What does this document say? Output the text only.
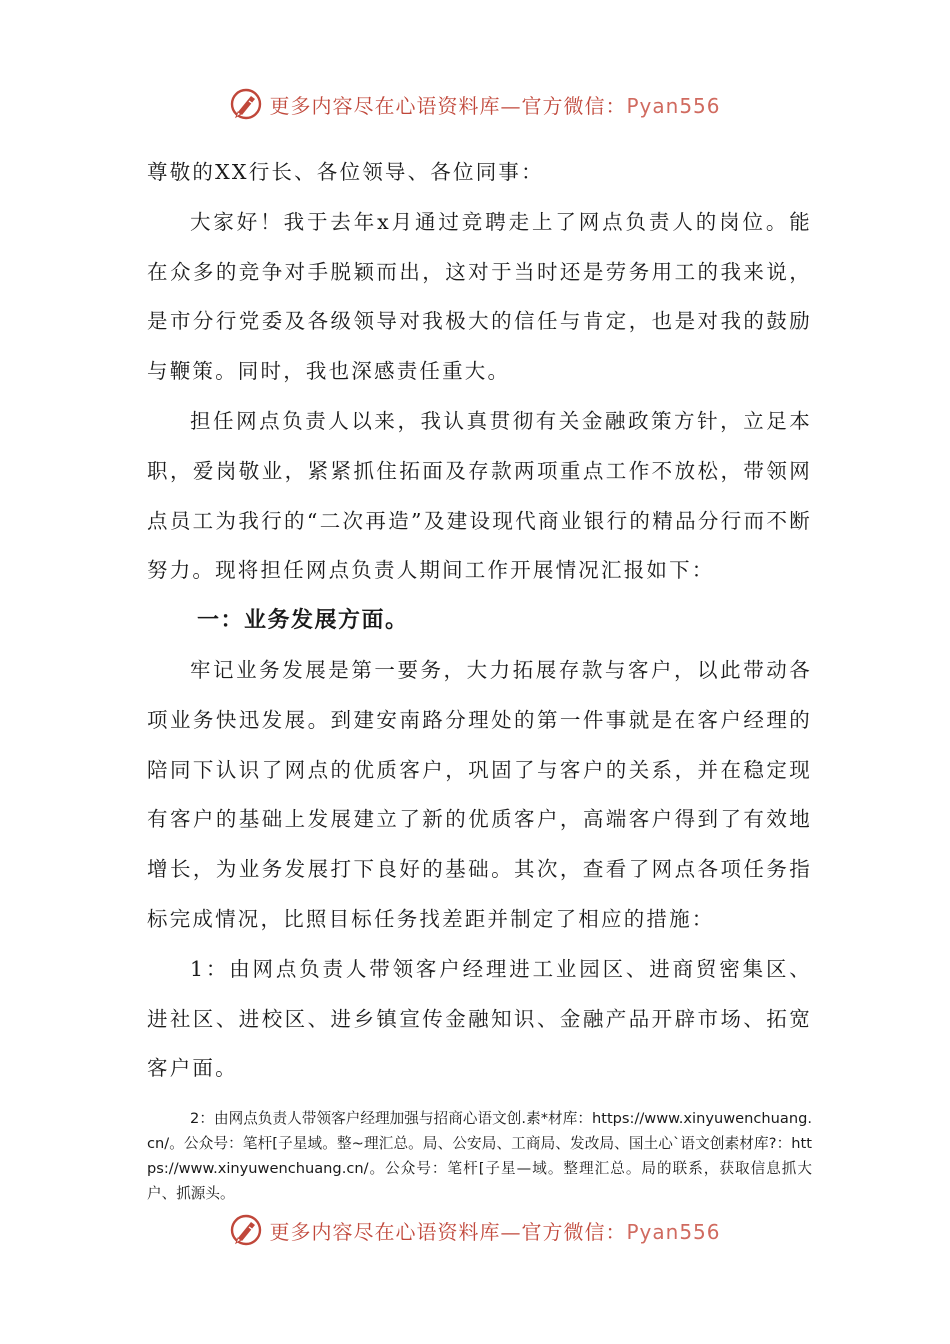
更多内容尽在心语资料库—官方微信：Pyan556

尊敬的XX行长、各位领导、各位同事：

大家好！我于去年x月通过竞聘走上了网点负责人的岗位。能在众多的竞争对手脱颖而出，这对于当时还是劳务用工的我来说，是市分行党委及各级领导对我极大的信任与肯定，也是对我的鼓励与鞭策。同时，我也深感责任重大。

担任网点负责人以来，我认真贯彻有关金融政策方针，立足本职，爱岗敬业，紧紧抓住拓面及存款两项重点工作不放松，带领网点员工为我行的“二次再造”及建设现代商业银行的精品分行而不断努力。现将担任网点负责人期间工作开展情况汇报如下：

一：业务发展方面。

牢记业务发展是第一要务，大力拓展存款与客户，以此带动各项业务快迅发展。到建安南路分理处的第一件事就是在客户经理的陪同下认识了网点的优质客户，巩固了与客户的关系，并在稳定现有客户的基础上发展建立了新的优质客户，高端客户得到了有效地增长，为业务发展打下良好的基础。其次，查看了网点各项任务指标完成情况，比照目标任务找差距并制定了相应的措施：

1：由网点负责人带领客户经理进工业园区、进商贸密集区、进社区、进校区、进乡镇宣传金融知识、金融产品开辟市场、拓宽客户面。

2：由网点负责人带领客户经理加强与招商心语文创.素*材库：https://www.xinyuwenchuang.cn/。公众号：笔杆[子星域。整~理汇总。局、公安局、工商局、发改局、国土心`语文创素材库?：https://www.xinyuwenchuang.cn/。公众号：笔杆[子星—域。整理汇总。局的联系，获取信息抓大户、抓源头。

更多内容尽在心语资料库—官方微信：Pyan556
